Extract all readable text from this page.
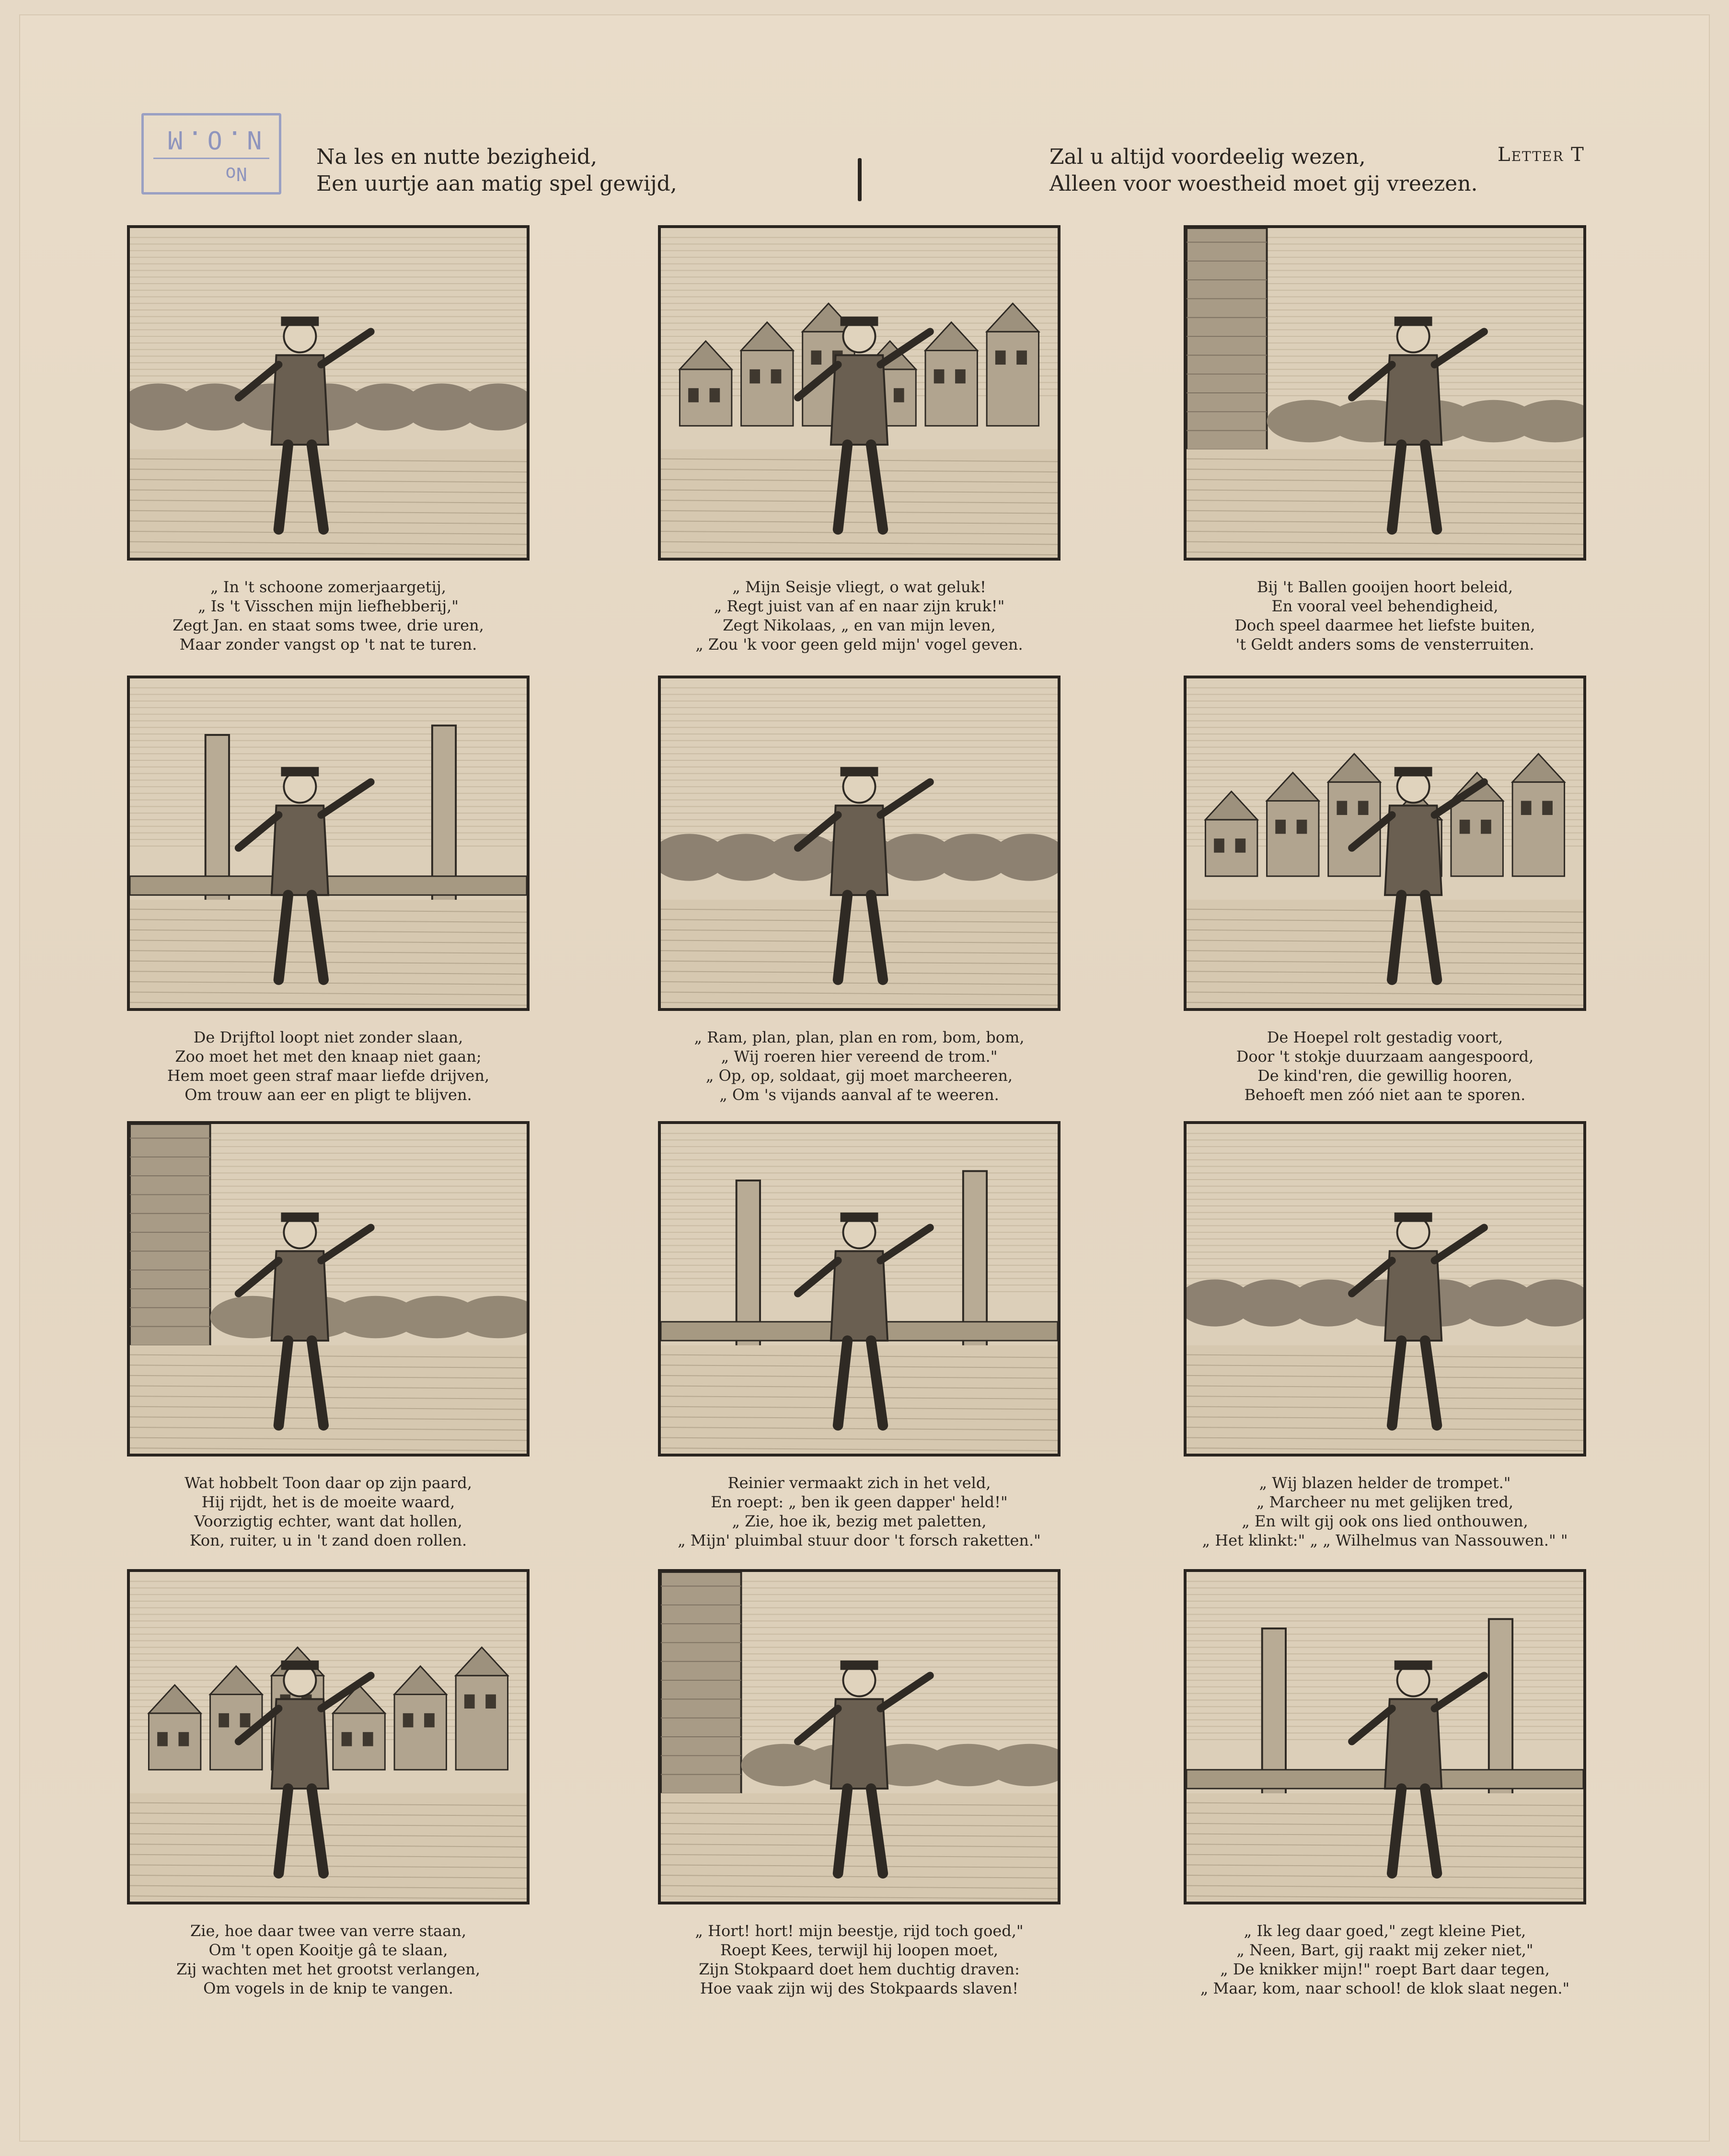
N.O.M
No
Na les en nutte bezigheid,
Een uurtje aan matig spel gewijd,
Zal u altijd voordeelig wezen,
Alleen voor woestheid moet gij vreezen.
Letter T
„ In 't schoone zomerjaargetij,
„ Is 't Visschen mijn liefhebberij,"
Zegt Jan. en staat soms twee, drie uren,
Maar zonder vangst op 't nat te turen.
„ Mijn Seisje vliegt, o wat geluk!
„ Regt juist van af en naar zijn kruk!"
Zegt Nikolaas, „ en van mijn leven,
„ Zou 'k voor geen geld mijn' vogel geven.
Bij 't Ballen gooijen hoort beleid,
En vooral veel behendigheid,
Doch speel daarmee het liefste buiten,
't Geldt anders soms de vensterruiten.
De Drijftol loopt niet zonder slaan,
Zoo moet het met den knaap niet gaan;
Hem moet geen straf maar liefde drijven,
Om trouw aan eer en pligt te blijven.
„ Ram, plan, plan, plan en rom, bom, bom,
„ Wij roeren hier vereend de trom."
„ Op, op, soldaat, gij moet marcheeren,
„ Om 's vijands aanval af te weeren.
De Hoepel rolt gestadig voort,
Door 't stokje duurzaam aangespoord,
De kind'ren, die gewillig hooren,
Behoeft men zóó niet aan te sporen.
Wat hobbelt Toon daar op zijn paard,
Hij rijdt, het is de moeite waard,
Voorzigtig echter, want dat hollen,
Kon, ruiter, u in 't zand doen rollen.
Reinier vermaakt zich in het veld,
En roept: „ ben ik geen dapper' held!"
„ Zie, hoe ik, bezig met paletten,
„ Mijn' pluimbal stuur door 't forsch raketten."
„ Wij blazen helder de trompet."
„ Marcheer nu met gelijken tred,
„ En wilt gij ook ons lied onthouwen,
„ Het klinkt:" „ „ Wilhelmus van Nassouwen." "
Zie, hoe daar twee van verre staan,
Om 't open Kooitje gâ te slaan,
Zij wachten met het grootst verlangen,
Om vogels in de knip te vangen.
„ Hort! hort! mijn beestje, rijd toch goed,"
Roept Kees, terwijl hij loopen moet,
Zijn Stokpaard doet hem duchtig draven:
Hoe vaak zijn wij des Stokpaards slaven!
„ Ik leg daar goed," zegt kleine Piet,
„ Neen, Bart, gij raakt mij zeker niet,"
„ De knikker mijn!" roept Bart daar tegen,
„ Maar, kom, naar school! de klok slaat negen."
